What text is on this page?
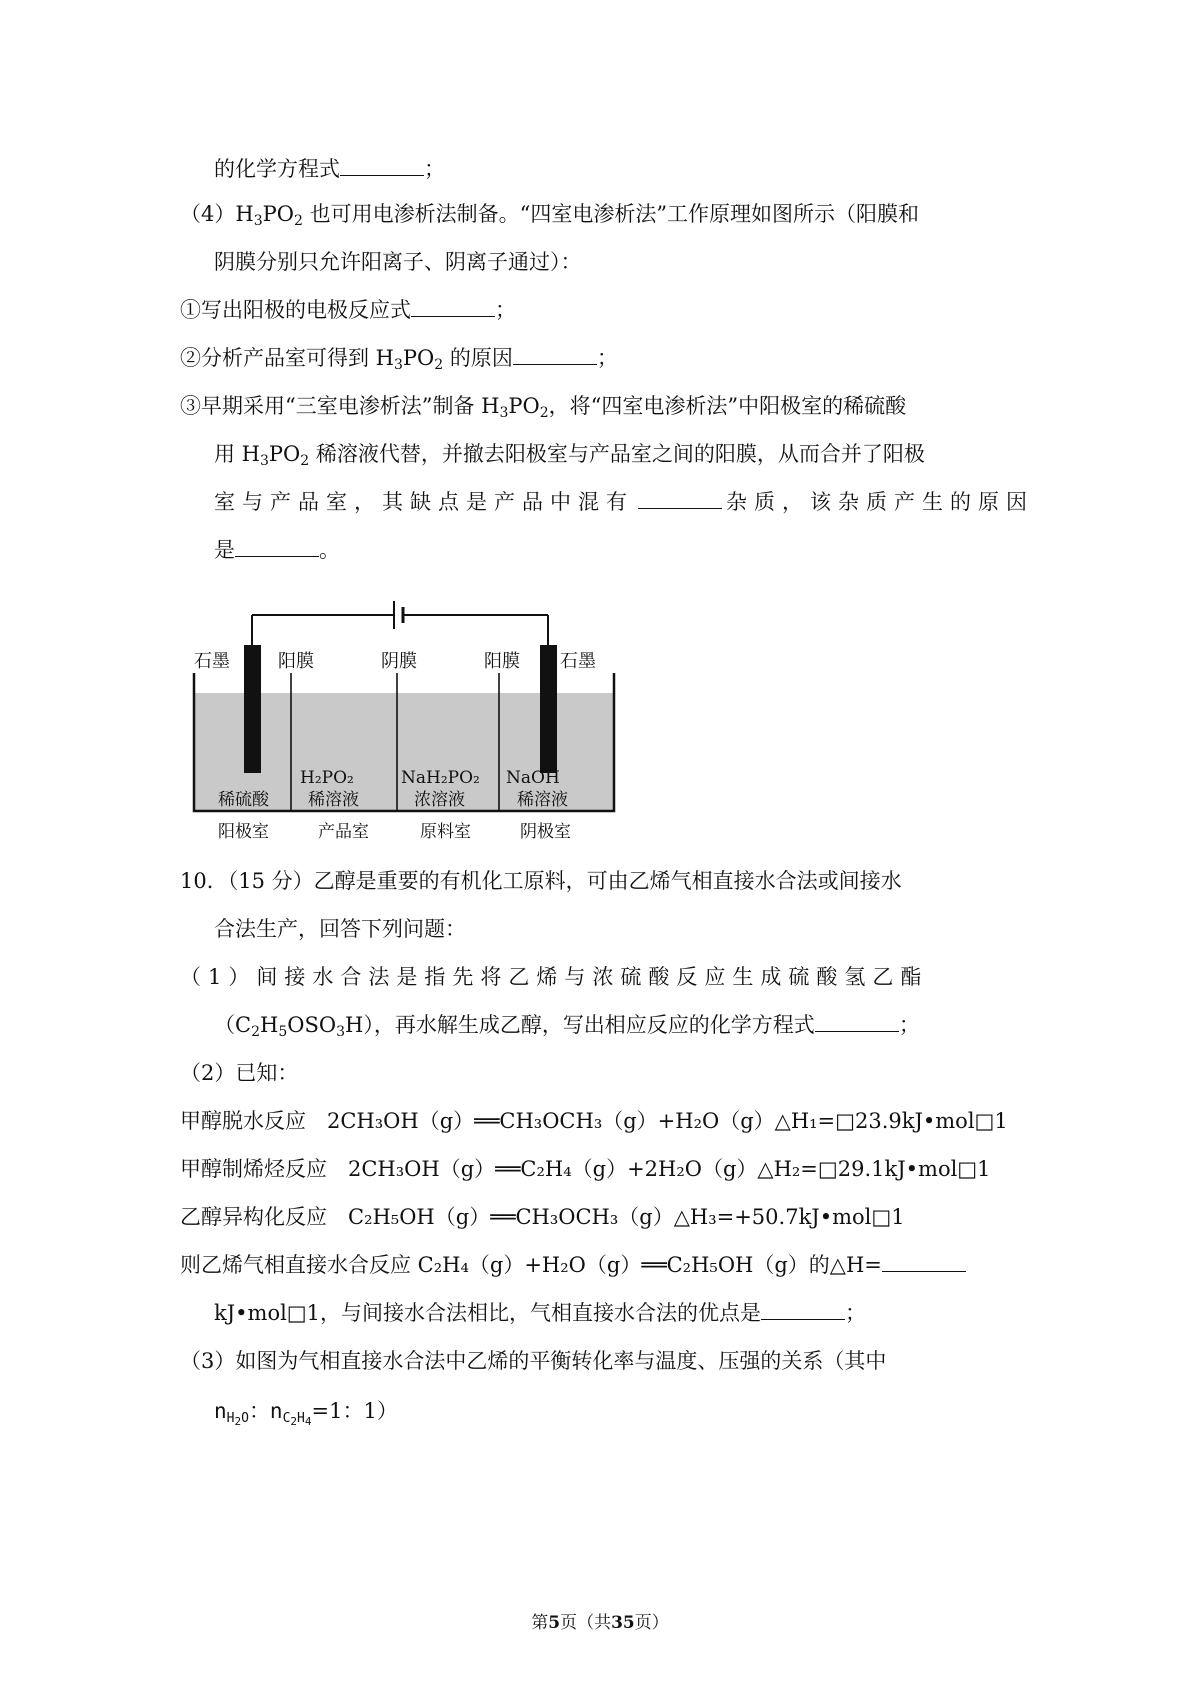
的化学方程式	；
$(4)H_3PO_2$ 也可用电渗析法制备。“四室电渗析法”工作原理如图所示（阳膜和
阴膜分别只允许阳离子、阴离子通过）：
①写出阳极的电极反应式	；
②分析产品室可得到 $H_3PO_2$ 的原因	；
③早期采用“三室电渗析法”制备 $H_3PO_2$，将“四室电渗析法”中阳极室的稀硫酸
用 $H_3PO_2$ 稀溶液代替，并撤去阳极室与产品室之间的阳膜，从而合并了阳极
室与产品室，其缺点是产品中混有	杂质，该杂质产生的原因
是	。
石墨	阳膜	阴膜	阳膜 石墨
H₂PO₂	NaH₂PO₂ NaOH
稀硫酸 稀溶液	浓溶液	稀溶液
阳极室	产品室	原料室	阴极室
10．（15 分）乙醇是重要的有机化工原料，可由乙烯气相直接水合法或间接水
合法生产，回答下列问题：
（1）间接水合法是指先将乙烯与浓硫酸反应生成硫酸氢乙酯
$(C_2H_5OSO_3H)$，再水解生成乙醇，写出相应反应的化学方程式	；
（2）已知：
甲醇脱水反应　2CH₃OH（g）══CH₃OCH₃（g）+H₂O（g）△H₁=□23.9kJ•mol□1
甲醇制烯烃反应　2CH₃OH（g）══C₂H₄（g）+2H₂O（g）△H₂=□29.1kJ•mol□1
乙醇异构化反应　C₂H₅OH（g）══CH₃OCH₃（g）△H₃=+50.7kJ•mol□1
则乙烯气相直接水合反应 C₂H₄（g）+H₂O（g）══C₂H₅OH（g）的△H=
kJ•mol□1，与间接水合法相比，气相直接水合法的优点是	；
（3）如图为气相直接水合法中乙烯的平衡转化率与温度、压强的关系（其中
$n_{H_2O}$：$n_{C_2H_4}=1$：1）
第5页（共35页）
